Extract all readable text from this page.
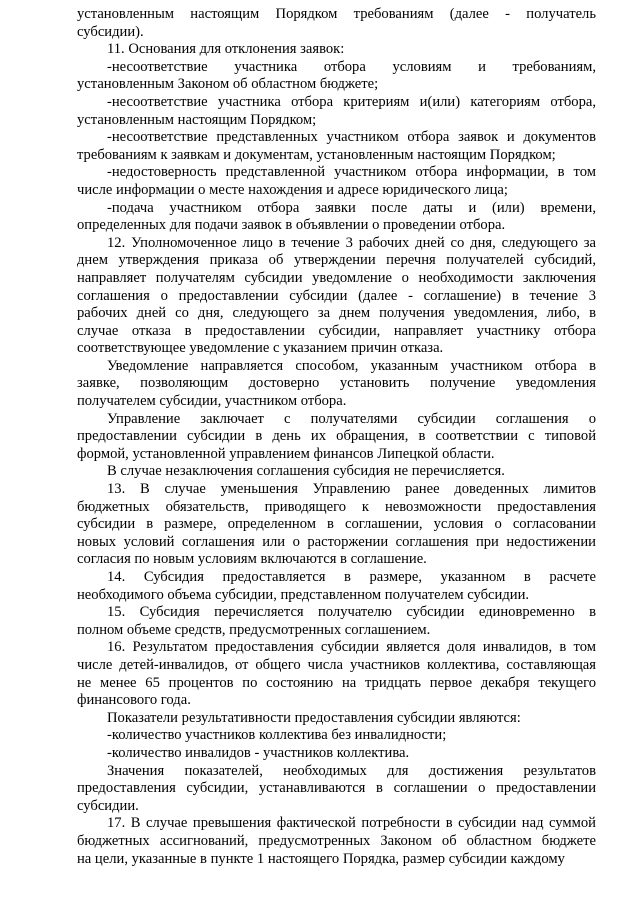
установленным настоящим Порядком требованиям (далее - получатель
субсидии).
11. Основания для отклонения заявок:
-несоответствие участника отбора условиям и требованиям,
установленным Законом об областном бюджете;
-несоответствие участника отбора критериям и(или) категориям отбора,
установленным настоящим Порядком;
-несоответствие представленных участником отбора заявок и документов
требованиям к заявкам и документам, установленным настоящим Порядком;
-недостоверность представленной участником отбора информации, в том
числе информации о месте нахождения и адресе юридического лица;
-подача участником отбора заявки после даты и (или) времени,
определенных для подачи заявок в объявлении о проведении отбора.
12. Уполномоченное лицо в течение 3 рабочих дней со дня, следующего за
днем утверждения приказа об утверждении перечня получателей субсидий,
направляет получателям субсидии уведомление о необходимости заключения
соглашения о предоставлении субсидии (далее - соглашение) в течение 3
рабочих дней со дня, следующего за днем получения уведомления, либо, в
случае отказа в предоставлении субсидии, направляет участнику отбора
соответствующее уведомление с указанием причин отказа.
Уведомление направляется способом, указанным участником отбора в
заявке, позволяющим достоверно установить получение уведомления
получателем субсидии, участником отбора.
Управление заключает с получателями субсидии соглашения о
предоставлении субсидии в день их обращения, в соответствии с типовой
формой, установленной управлением финансов Липецкой области.
В случае незаключения соглашения субсидия не перечисляется.
13. В случае уменьшения Управлению ранее доведенных лимитов
бюджетных обязательств, приводящего к невозможности предоставления
субсидии в размере, определенном в соглашении, условия о согласовании
новых условий соглашения или о расторжении соглашения при недостижении
согласия по новым условиям включаются в соглашение.
14. Субсидия предоставляется в размере, указанном в расчете
необходимого объема субсидии, представленном получателем субсидии.
15. Субсидия перечисляется получателю субсидии единовременно в
полном объеме средств, предусмотренных соглашением.
16. Результатом предоставления субсидии является доля инвалидов, в том
числе детей-инвалидов, от общего числа участников коллектива, составляющая
не менее 65 процентов по состоянию на тридцать первое декабря текущего
финансового года.
Показатели результативности предоставления субсидии являются:
-количество участников коллектива без инвалидности;
-количество инвалидов - участников коллектива.
Значения показателей, необходимых для достижения результатов
предоставления субсидии, устанавливаются в соглашении о предоставлении
субсидии.
17. В случае превышения фактической потребности в субсидии над суммой
бюджетных ассигнований, предусмотренных Законом об областном бюджете
на цели, указанные в пункте 1 настоящего Порядка, размер субсидии каждому
